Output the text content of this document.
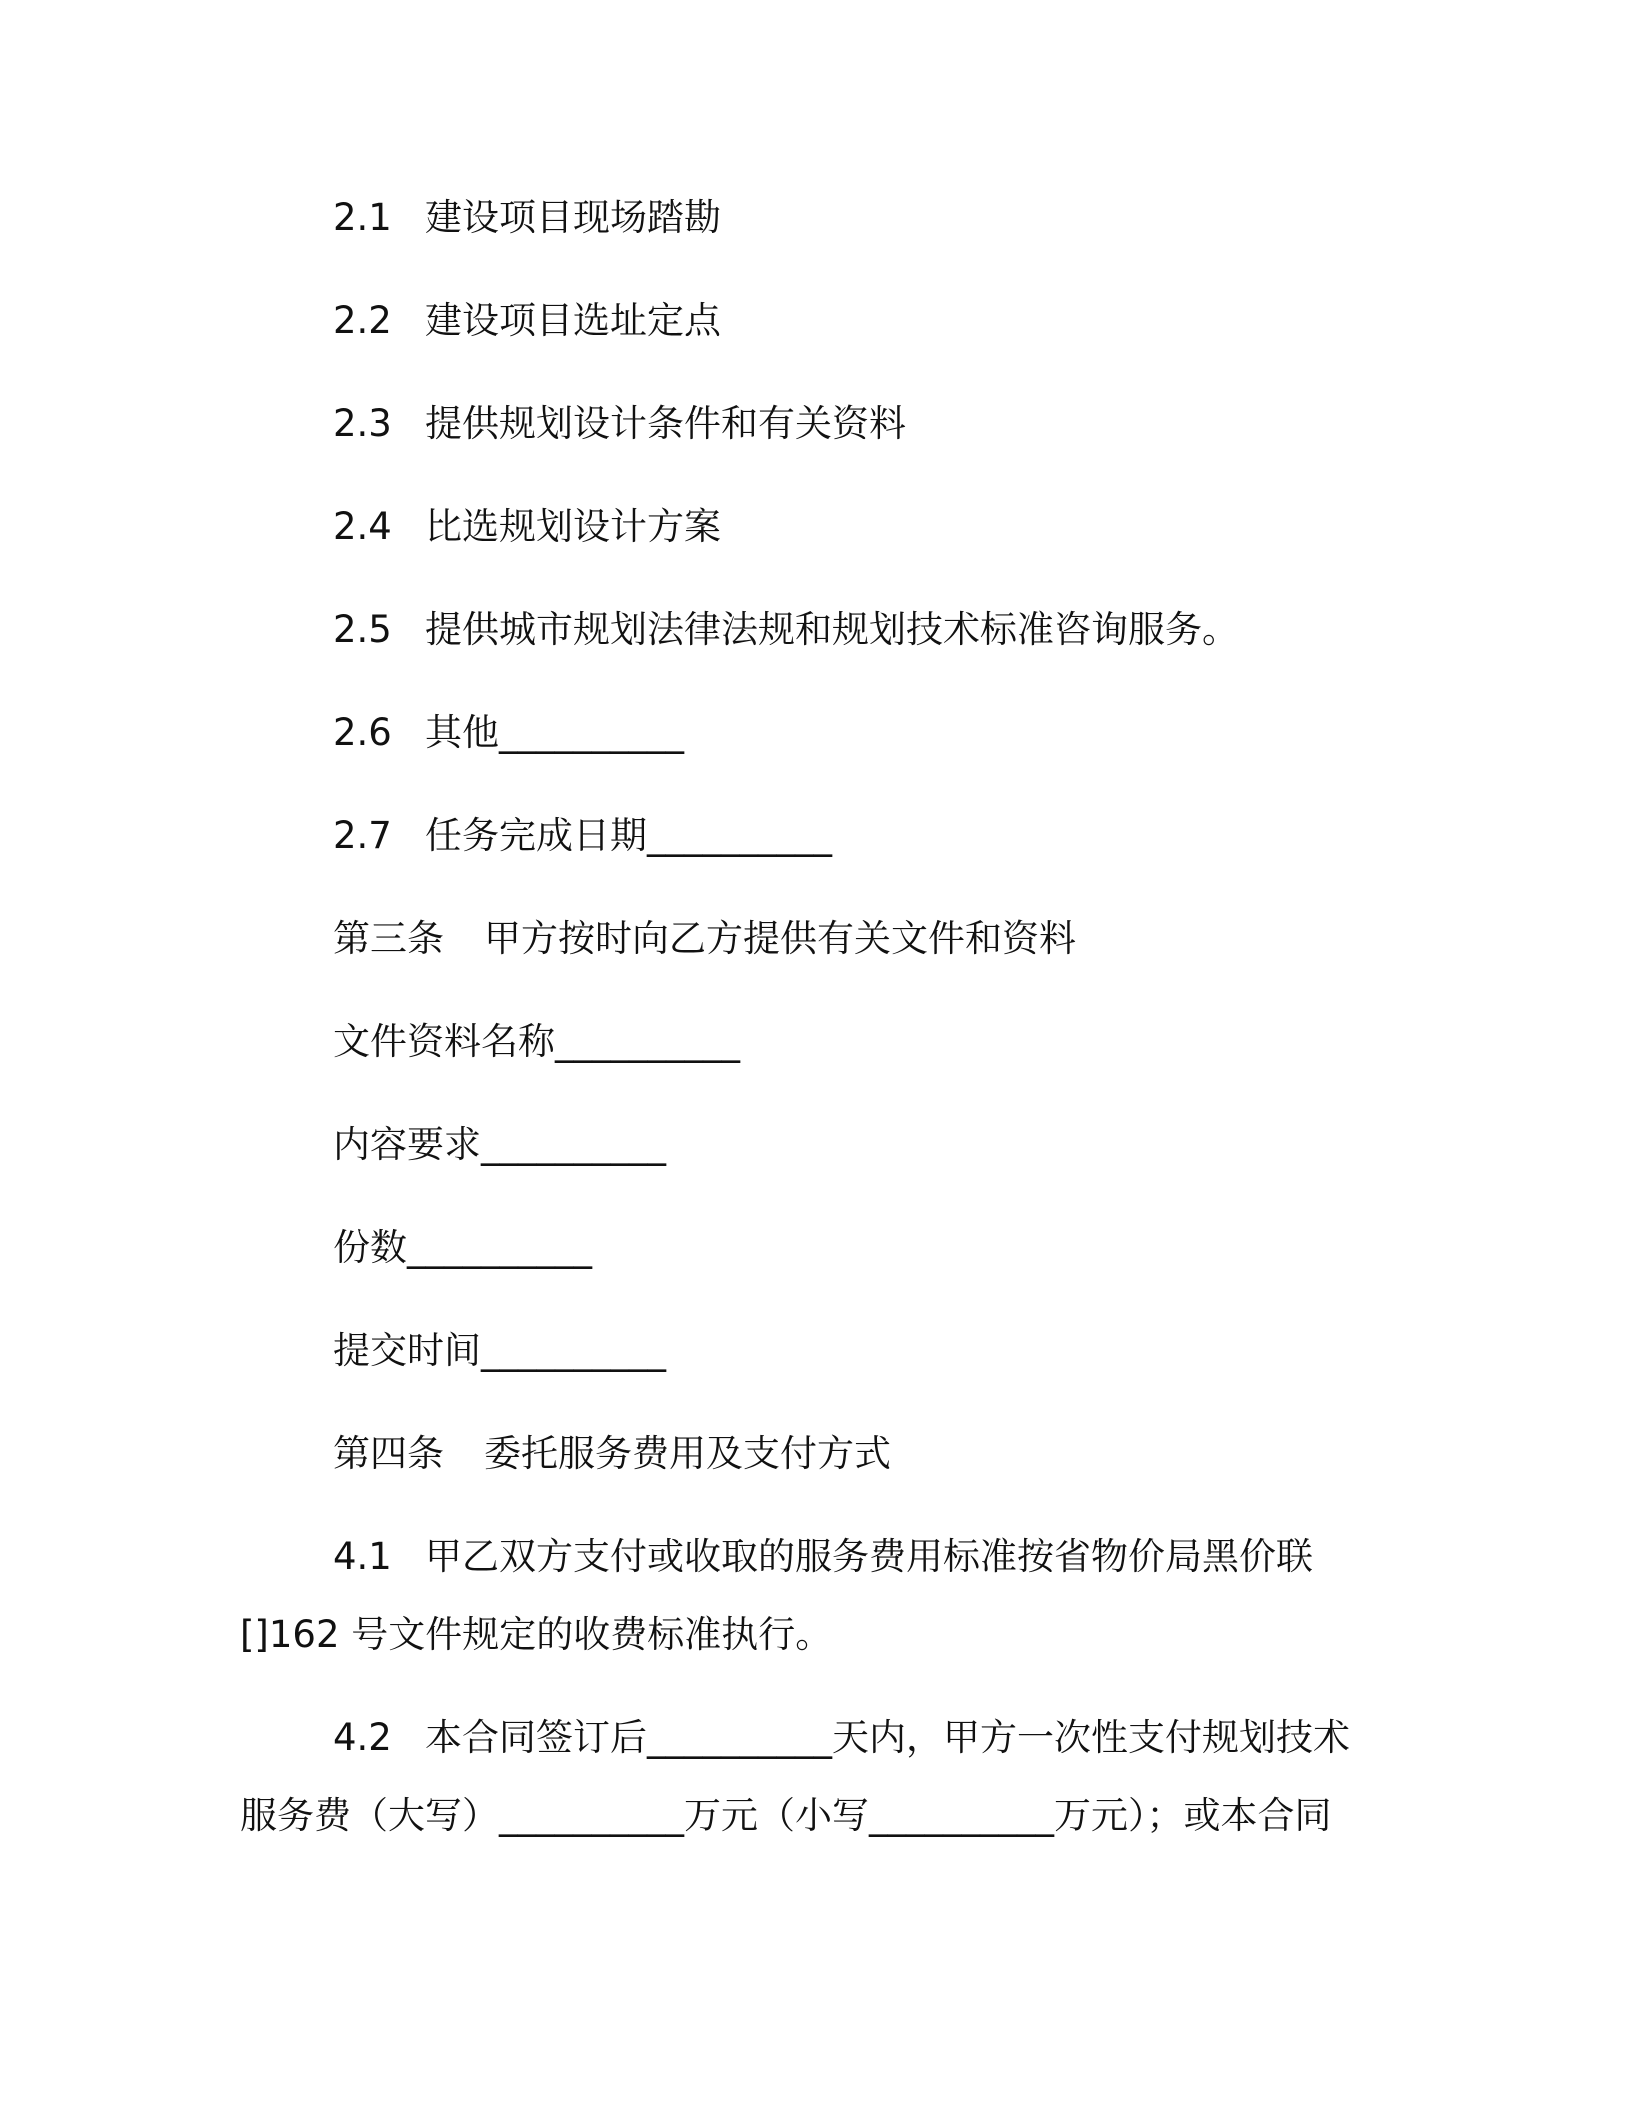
2.1 建设项目现场踏勘
2.2 建设项目选址定点
2.3 提供规划设计条件和有关资料
2.4 比选规划设计方案
2.5 提供城市规划法律法规和规划技术标准咨询服务。
2.6 其他__________
2.7 任务完成日期__________
第三条 甲方按时向乙方提供有关文件和资料
文件资料名称__________
内容要求__________
份数__________
提交时间__________
第四条 委托服务费用及支付方式
4.1 甲乙双方支付或收取的服务费用标准按省物价局黑价联
[]162 号文件规定的收费标准执行。
4.2 本合同签订后__________天内，甲方一次性支付规划技术
服务费（大写）__________万元（小写__________万元）；或本合同
